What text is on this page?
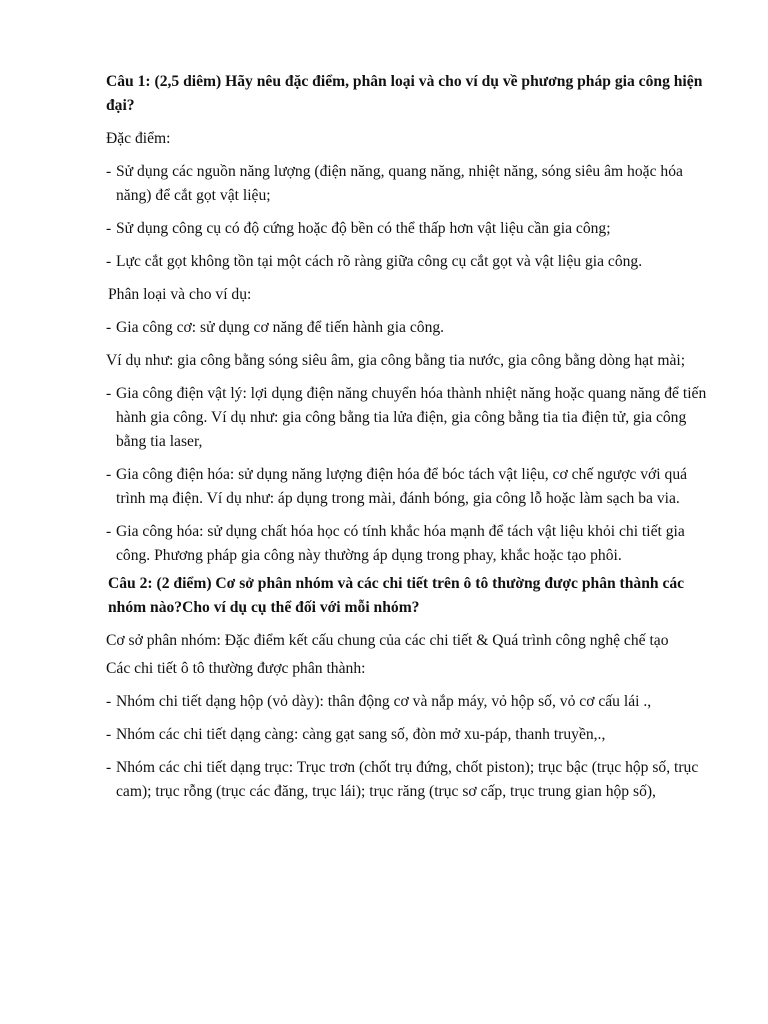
Câu 1: (2,5 diêm) Hãy nêu đặc điểm, phân loại và cho ví dụ về phương pháp gia công hiện đại?
Đặc điểm:
- Sử dụng các nguồn năng lượng (điện năng, quang năng, nhiệt năng, sóng siêu âm hoặc hóa năng) để cắt gọt vật liệu;
- Sử dụng công cụ có độ cứng hoặc độ bền có thể thấp hơn vật liệu cần gia công;
- Lực cắt gọt không tồn tại một cách rõ ràng giữa công cụ cắt gọt và vật liệu gia công.
Phân loại và cho ví dụ:
- Gia công cơ: sử dụng cơ năng để tiến hành gia công.
Ví dụ như: gia công bằng sóng siêu âm, gia công bằng tia nước, gia công bằng dòng hạt mài;
- Gia công điện vật lý: lợi dụng điện năng chuyển hóa thành nhiệt năng hoặc quang năng để tiến hành gia công. Ví dụ như: gia công bằng tia lửa điện, gia công bằng tia tia điện tử, gia công bằng tia laser,
- Gia công điện hóa: sử dụng năng lượng điện hóa để bóc tách vật liệu, cơ chế ngược với quá trình mạ điện. Ví dụ như: áp dụng trong mài, đánh bóng, gia công lỗ hoặc làm sạch ba via.
- Gia công hóa: sử dụng chất hóa học có tính khắc hóa mạnh để tách vật liệu khỏi chi tiết gia công. Phương pháp gia công này thường áp dụng trong phay, khắc hoặc tạo phôi.
Câu 2: (2 điểm) Cơ sở phân nhóm và các chi tiết trên ô tô thường được phân thành các nhóm nào?Cho ví dụ cụ thể đối với mỗi nhóm?
Cơ sở phân nhóm: Đặc điểm kết cấu chung của các chi tiết & Quá trình công nghệ chế tạo
Các chi tiết ô tô thường được phân thành:
- Nhóm chi tiết dạng hộp (vỏ dày): thân động cơ và nắp máy, vỏ hộp số, vỏ cơ cấu lái .,
- Nhóm các chi tiết dạng càng: càng gạt sang số, đòn mở xu-páp, thanh truyền,.,
- Nhóm các chi tiết dạng trục: Trục trơn (chốt trụ đứng, chốt piston); trục bậc (trục hộp số, trục cam); trục rỗng (trục các đăng, trục lái); trục răng (trục sơ cấp, trục trung gian hộp số),
